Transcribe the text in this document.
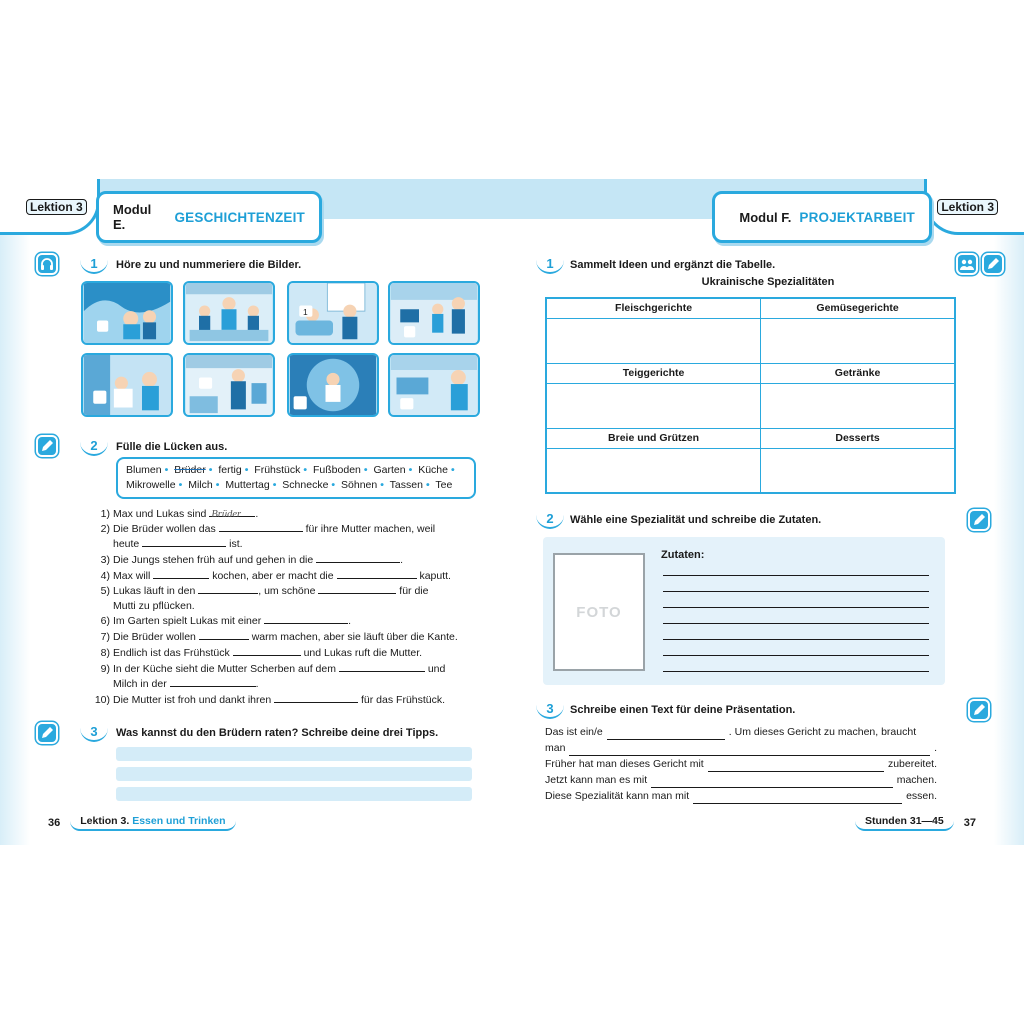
Lektion 3	Modul E.	GESCHICHTENZEIT
1 Höre zu und nummeriere die Bilder.
1
2 Fülle die Lücken aus.
Blumen • Brüder • fertig • Frühstück • Fußboden • Garten • Küche •
Mikrowelle • Milch • Muttertag • Schnecke • Söhnen • Tassen • Tee
1) Max und Lukas sind Brüder .
2) Die Brüder wollen das	für ihre Mutter machen, weil
heute	ist.
3) Die Jungs stehen früh auf und gehen in die	.
4) Max will	kochen, aber er macht die	kaputt.
5) Lukas läuft in den	, um schöne	für die
Mutti zu pflücken.
6) Im Garten spielt Lukas mit einer	.
7) Die Brüder wollen	warm machen, aber sie läuft über die Kante.
8) Endlich ist das Frühstück	und Lukas ruft die Mutter.
9) In der Küche sieht die Mutter Scherben auf dem	und
Milch in der	.
10) Die Mutter ist froh und dankt ihren	für das Frühstück.
3 Was kannst du den Brüdern raten? Schreibe deine drei Tipps.
36	Lektion 3. Essen und Trinken
Lektion 3
Modul F. PROJEKTARBEIT
1 Sammelt Ideen und ergänzt die Tabelle.
Ukrainische Spezialitäten
Fleischgerichte	Gemüsegerichte

Teiggerichte	Getränke

Breie und Grützen	Desserts

2 Wähle eine Spezialität und schreibe die Zutaten.
FOTO
Zutaten:
3 Schreibe einen Text für deine Präsentation.
Das ist ein/e	. Um dieses Gericht zu machen, braucht
man	.
Früher hat man dieses Gericht mit	zubereitet.
Jetzt kann man es mit	machen.
Diese Spezialität kann man mit	essen.
Stunden 31—45	37
